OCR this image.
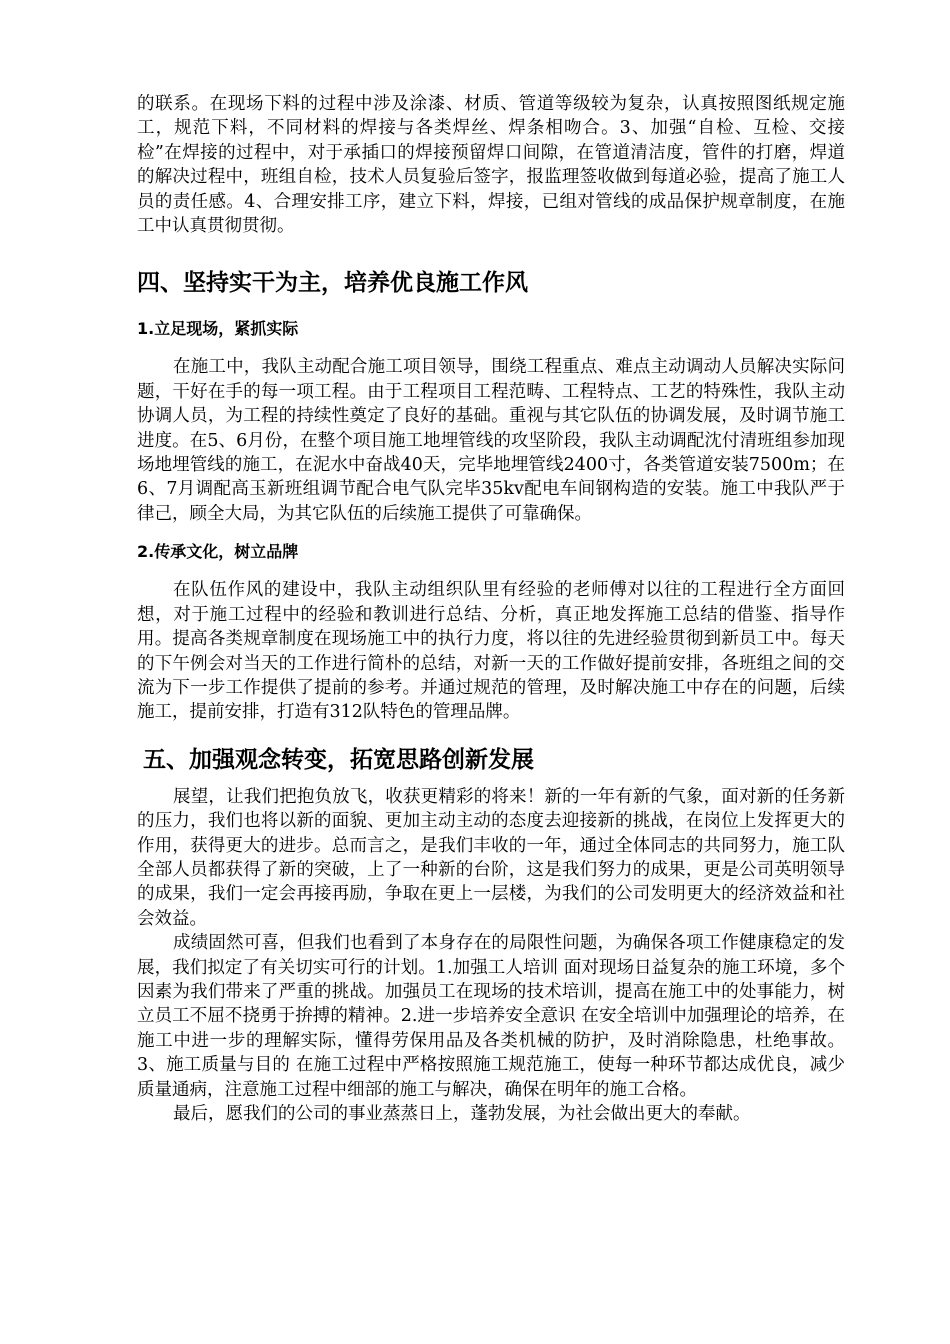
的联系。在现场下料的过程中涉及涂漆、材质、管道等级较为复杂，认真按照图纸规定施工，规范下料，不同材料的焊接与各类焊丝、焊条相吻合。3、加强“自检、互检、交接检”在焊接的过程中，对于承插口的焊接预留焊口间隙，在管道清洁度，管件的打磨，焊道的解决过程中，班组自检，技术人员复验后签字，报监理签收做到每道必验，提高了施工人员的责任感。4、合理安排工序，建立下料，焊接，已组对管线的成品保护规章制度，在施工中认真贯彻贯彻。

四、坚持实干为主，培养优良施工作风
1.立足现场，紧抓实际

在施工中，我队主动配合施工项目领导，围绕工程重点、难点主动调动人员解决实际问题，干好在手的每一项工程。由于工程项目工程范畴、工程特点、工艺的特殊性，我队主动协调人员，为工程的持续性奠定了良好的基础。重视与其它队伍的协调发展，及时调节施工进度。在5、6月份，在整个项目施工地埋管线的攻坚阶段，我队主动调配沈付清班组参加现场地埋管线的施工，在泥水中奋战40天，完毕地埋管线2400寸，各类管道安装7500m；在6、7月调配高玉新班组调节配合电气队完毕35kv配电车间钢构造的安装。施工中我队严于律己，顾全大局，为其它队伍的后续施工提供了可靠确保。

2.传承文化，树立品牌

在队伍作风的建设中，我队主动组织队里有经验的老师傅对以往的工程进行全方面回想，对于施工过程中的经验和教训进行总结、分析，真正地发挥施工总结的借鉴、指导作用。提高各类规章制度在现场施工中的执行力度，将以往的先进经验贯彻到新员工中。每天的下午例会对当天的工作进行简朴的总结，对新一天的工作做好提前安排，各班组之间的交流为下一步工作提供了提前的参考。并通过规范的管理，及时解决施工中存在的问题，后续施工，提前安排，打造有312队特色的管理品牌。

五、加强观念转变，拓宽思路创新发展

展望，让我们把抱负放飞，收获更精彩的将来！新的一年有新的气象，面对新的任务新的压力，我们也将以新的面貌、更加主动主动的态度去迎接新的挑战，在岗位上发挥更大的作用，获得更大的进步。总而言之，是我们丰收的一年，通过全体同志的共同努力，施工队全部人员都获得了新的突破，上了一种新的台阶，这是我们努力的成果，更是公司英明领导的成果，我们一定会再接再励，争取在更上一层楼，为我们的公司发明更大的经济效益和社会效益。

成绩固然可喜，但我们也看到了本身存在的局限性问题，为确保各项工作健康稳定的发展，我们拟定了有关切实可行的计划。1.加强工人培训 面对现场日益复杂的施工环境，多个因素为我们带来了严重的挑战。加强员工在现场的技术培训，提高在施工中的处事能力，树立员工不屈不挠勇于拚搏的精神。2.进一步培养安全意识 在安全培训中加强理论的培养，在施工中进一步的理解实际，懂得劳保用品及各类机械的防护，及时消除隐患，杜绝事故。3、施工质量与目的 在施工过程中严格按照施工规范施工，使每一种环节都达成优良，减少质量通病，注意施工过程中细部的施工与解决，确保在明年的施工合格。

最后，愿我们的公司的事业蒸蒸日上，蓬勃发展，为社会做出更大的奉献。
